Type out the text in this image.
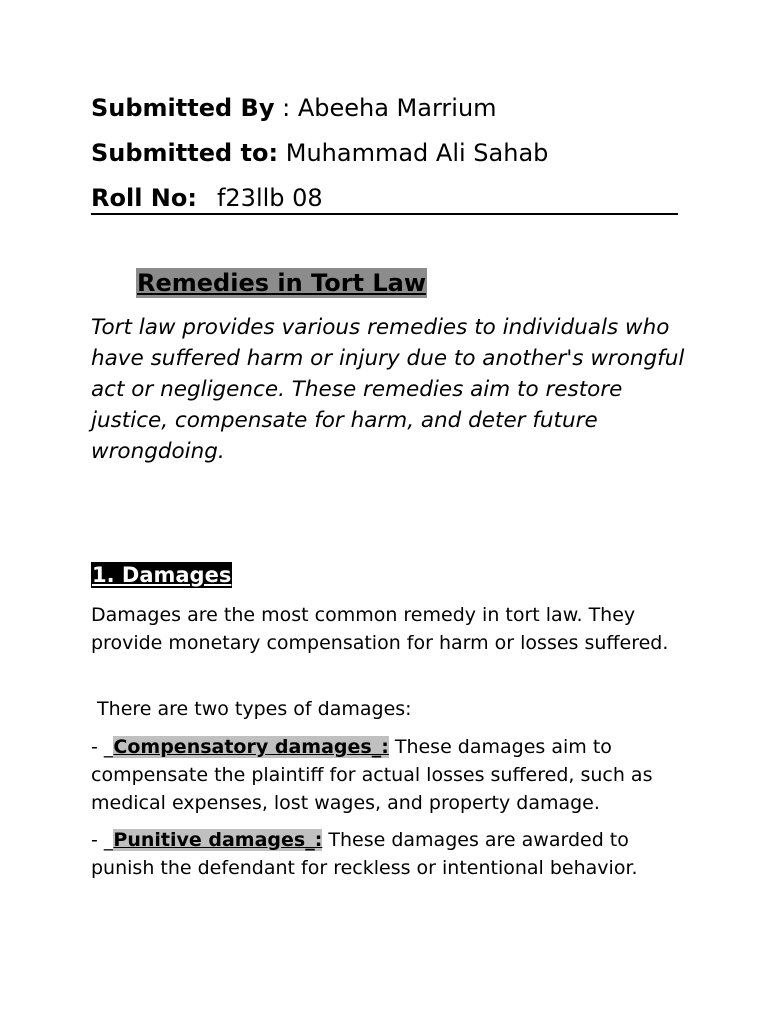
Submitted By : Abeeha Marrium
Submitted to: Muhammad Ali Sahab
Roll No: f23llb 08
Remedies in Tort Law

Tort law provides various remedies to individuals who have suffered harm or injury due to another's wrongful act or negligence. These remedies aim to restore justice, compensate for harm, and deter future wrongdoing.

1. Damages

Damages are the most common remedy in tort law. They provide monetary compensation for harm or losses suffered.

There are two types of damages:

- _Compensatory damages_: These damages aim to compensate the plaintiff for actual losses suffered, such as medical expenses, lost wages, and property damage.

- _Punitive damages_: These damages are awarded to punish the defendant for reckless or intentional behavior.
